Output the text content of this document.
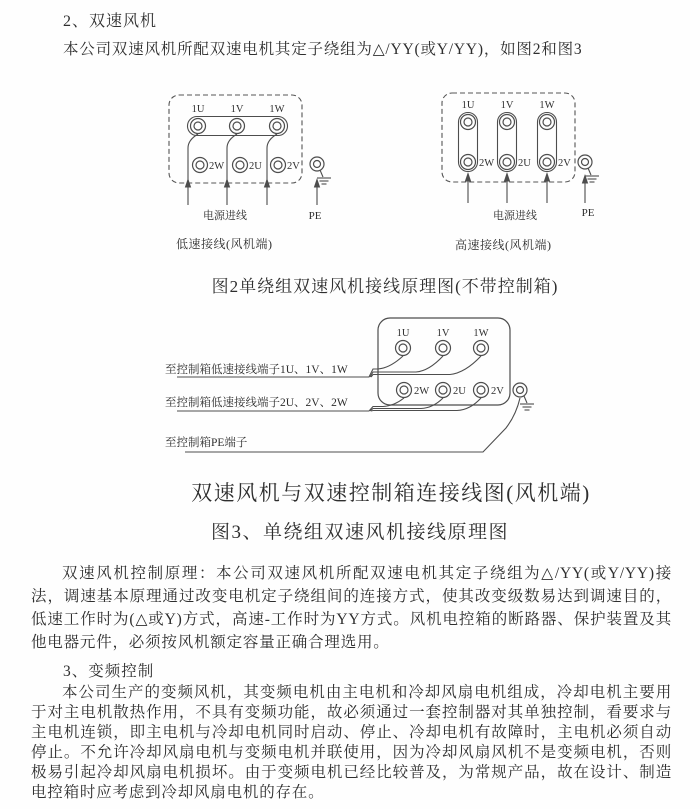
2、双速风机
本公司双速风机所配双速电机其定子绕组为△/YY(或Y/YY)，如图2和图3
1U 1V 1W
2W 2U 2V
电源进线	PE
低速接线(风机端)
1U 1V 1W
2W 2U	2V
电源进线	PE
高速接线(风机端)
图2单绕组双速风机接线原理图(不带控制箱)
1U	1V 1W
2W 2U 2V
至控制箱低速接线端子1U、1V、1W
至控制箱低速接线端子2U、2V、2W
至控制箱PE端子
双速风机与双速控制箱连接线图(风机端)
图3、单绕组双速风机接线原理图
双速风机控制原理：本公司双速风机所配双速电机其定子绕组为△/YY(或Y/YY)接法，调速基本原理通过改变电机定子绕组间的连接方式，使其改变级数易达到调速目的，低速工作时为(△或Y)方式，高速-工作时为YY方式。风机电控箱的断路器、保护装置及其他电器元件，必须按风机额定容量正确合理选用。
3、变频控制
本公司生产的变频风机，其变频电机由主电机和冷却风扇电机组成，冷却电机主要用于对主电机散热作用，不具有变频功能，故必须通过一套控制器对其单独控制，看要求与主电机连锁，即主电机与冷却电机同时启动、停止、冷却电机有故障时，主电机必须自动停止。不允许冷却风扇电机与变频电机并联使用，因为冷却风扇风机不是变频电机，否则极易引起冷却风扇电机损坏。由于变频电机已经比较普及，为常规产品，故在设计、制造电控箱时应考虑到冷却风扇电机的存在。
